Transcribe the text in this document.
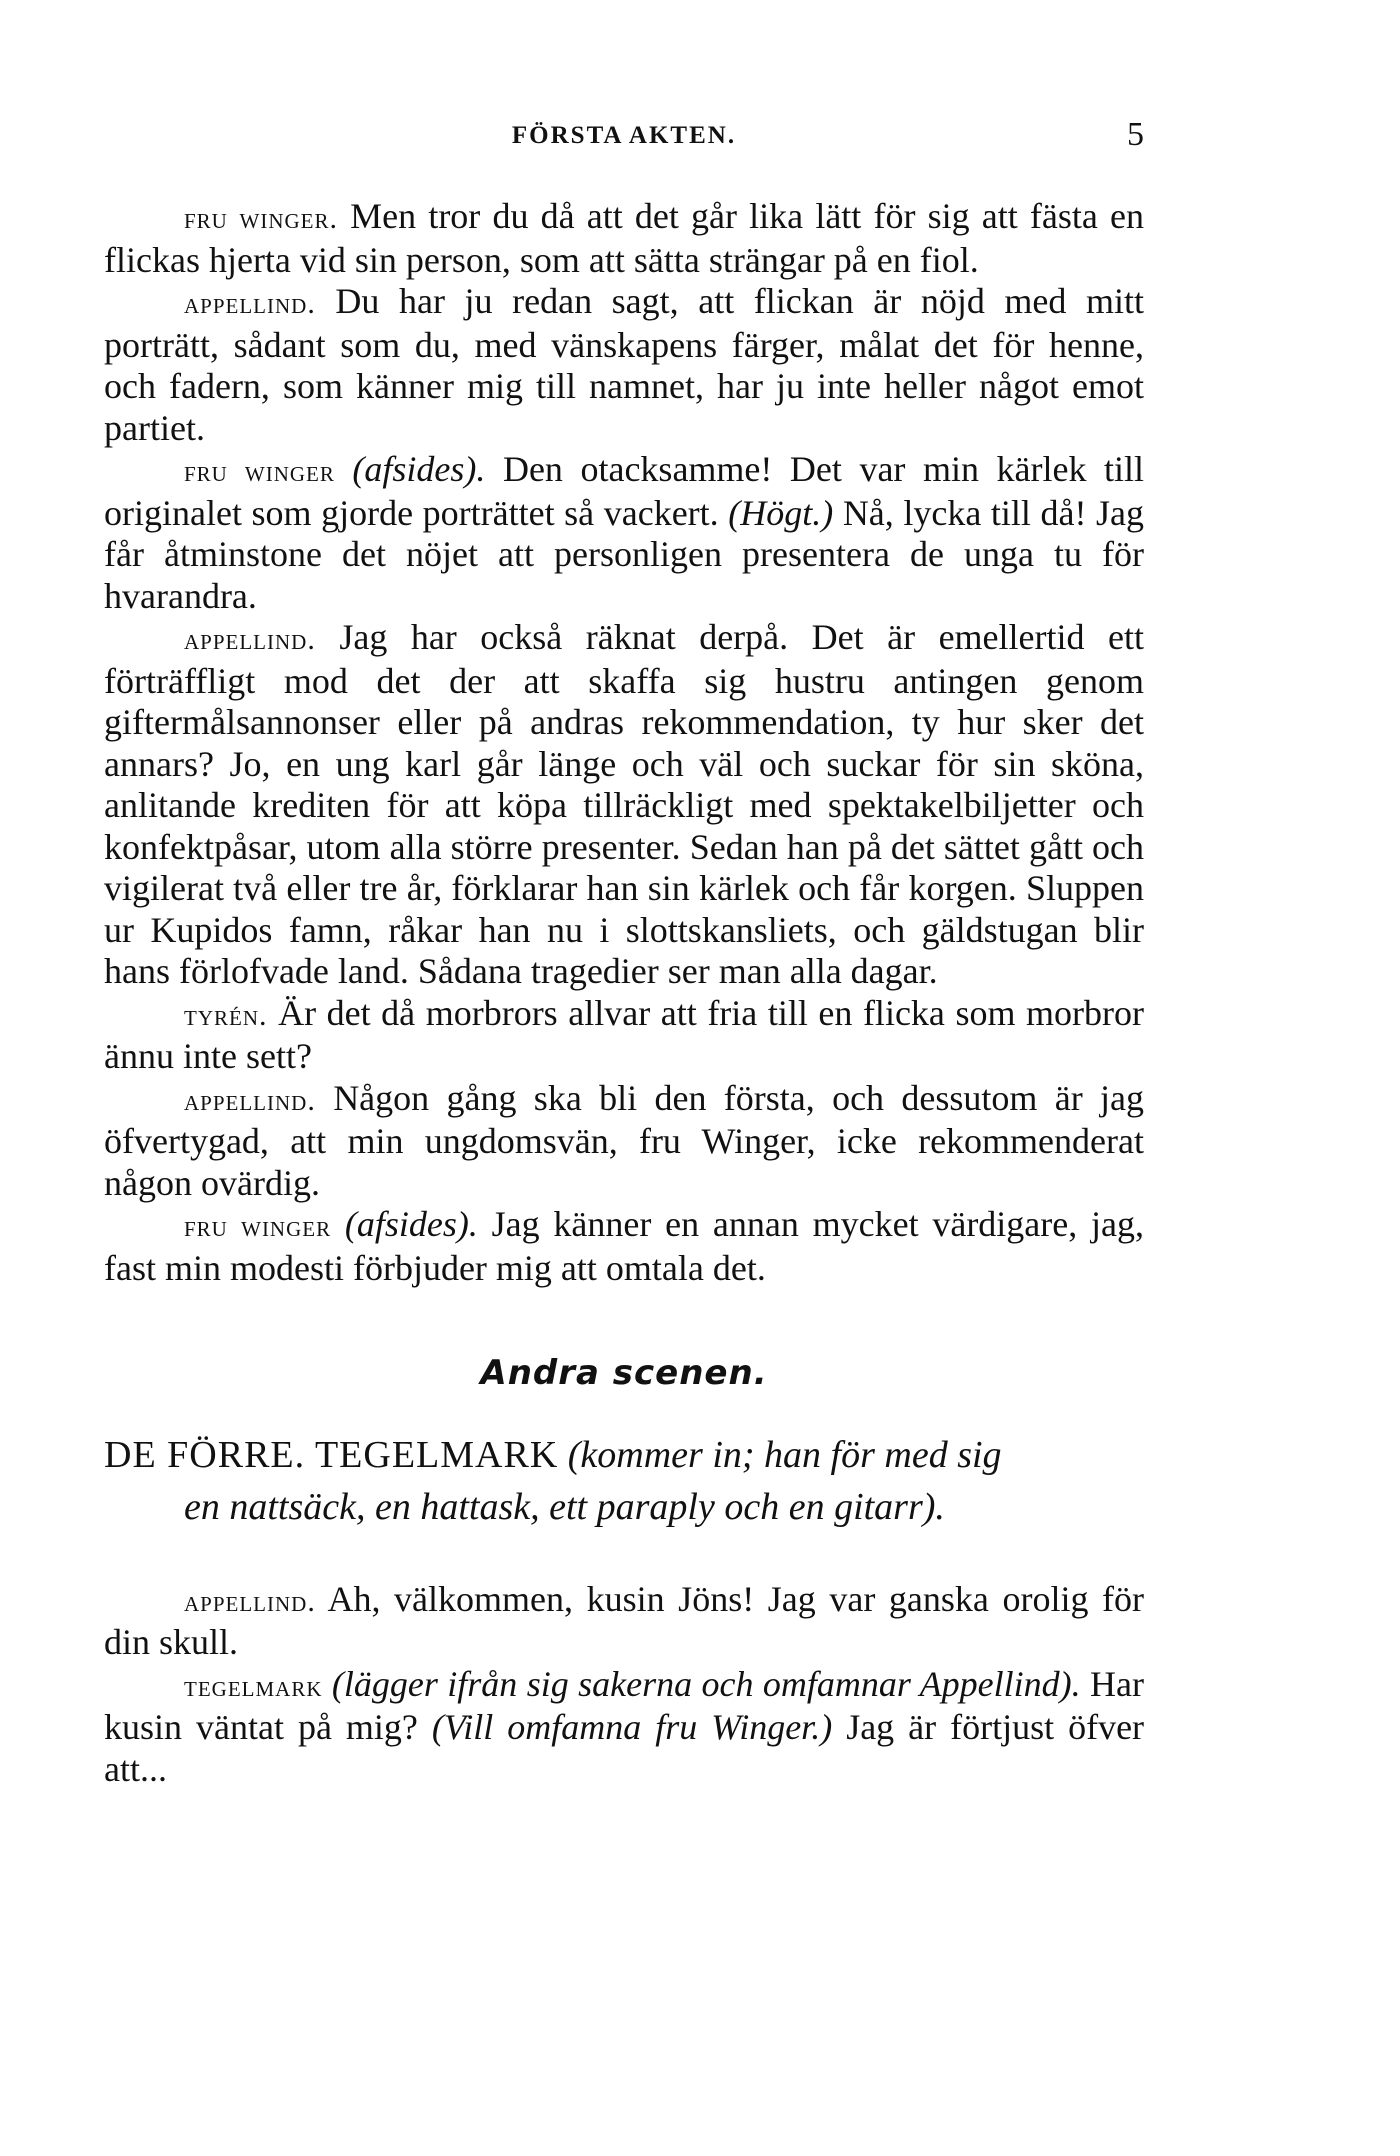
FÖRSTA AKTEN.	5

fru winger. Men tror du då att det går lika lätt för sig att fästa en flickas hjerta vid sin person, som att sätta strängar på en fiol.

appellind. Du har ju redan sagt, att flickan är nöjd med mitt porträtt, sådant som du, med vänskapens färger, målat det för henne, och fadern, som känner mig till namnet, har ju inte heller något emot partiet.

fru winger (afsides). Den otacksamme! Det var min kärlek till originalet som gjorde porträttet så vackert. (Högt.) Nå, lycka till då! Jag får åtminstone det nöjet att personligen presentera de unga tu för hvarandra.

appellind. Jag har också räknat derpå. Det är emellertid ett förträffligt mod det der att skaffa sig hustru antingen genom giftermålsannonser eller på andras rekommendation, ty hur sker det annars? Jo, en ung karl går länge och väl och suckar för sin sköna, anlitande krediten för att köpa tillräckligt med spektakelbiljetter och konfektpåsar, utom alla större presenter. Sedan han på det sättet gått och vigilerat två eller tre år, förklarar han sin kärlek och får korgen. Sluppen ur Kupidos famn, råkar han nu i slottskansliets, och gäldstugan blir hans förlofvade land. Sådana tragedier ser man alla dagar.

tyrén. Är det då morbrors allvar att fria till en flicka som morbror ännu inte sett?

appellind. Någon gång ska bli den första, och dessutom är jag öfvertygad, att min ungdomsvän, fru Winger, icke rekommenderat någon ovärdig.

fru winger (afsides). Jag känner en annan mycket värdigare, jag, fast min modesti förbjuder mig att omtala det.

Andra scenen.
DE FÖRRE. TEGELMARK (kommer in; han för med sig
en nattsäck, en hattask, ett paraply och en gitarr).

appellind. Ah, välkommen, kusin Jöns! Jag var ganska orolig för din skull.

tegelmark (lägger ifrån sig sakerna och omfamnar Appellind). Har kusin väntat på mig? (Vill omfamna fru Winger.) Jag är förtjust öfver att...
